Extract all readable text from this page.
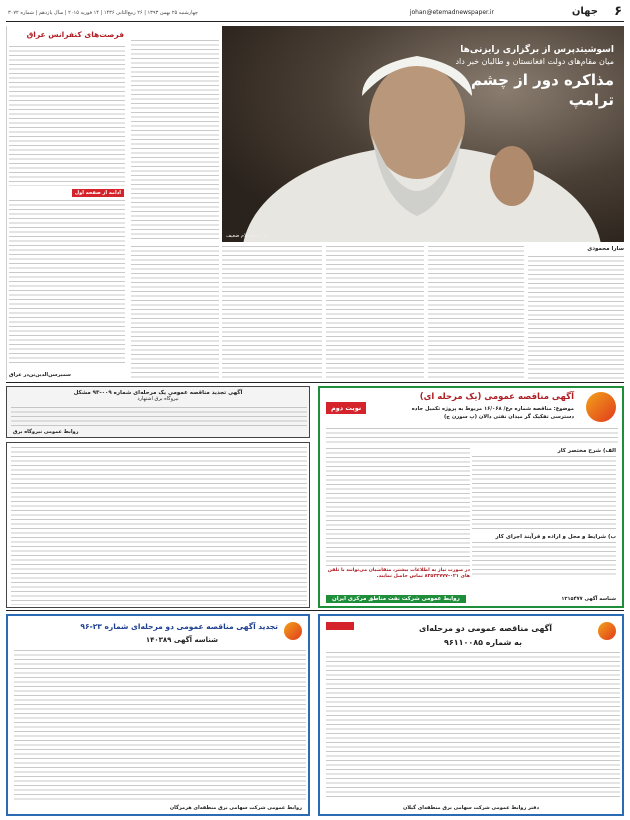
۶
جهان
johan@etemadnewspaper.ir
چهارشنبه ۲۵ بهمن ۱۳۹۳ | ۲۶ ربیع‌الثانی ۱۴۳۶ | ۱۴ فوریه ۲۰۱۵ | سال یازدهم | شماره ۳۰۷۲
اسوشیتدپرس از برگزاری رایزنی‌ها
میان مقام‌های دولت افغانستان و طالبان خبر داد
مذاکره دور از چشم ترامپ
ملا عبدالسلام ضعیف
سارا محمودی
فرصت‌های کنفرانس عراق
ادامه از صفحه اول
سمیرسن‌الدین‌بن‌در عراق
آگهی تجدید مناقصه عمومی یک مرحله‌ای شماره ۰۰۹-۹۳ مشکل
نیروگاه برق اشتهارد
روابط عمومی نیروگاه برق
آگهی مناقصه عمومی (یک مرحله ای)
موضوع: مناقصه شماره م‌ع/ ۱۶/۰۶۸ مربوط به پروژه تکمیل جاده
دسترسی تفکیک گر میدان نفتی دالان (پ سورن ج)
نوبت دوم
الف) شرح مختصر کار
ب) شرایط و محل و اراده و فرآیند اجرای کار
در صورت نیاز به اطلاعات بیشتر، متقاضیان می‌توانند با تلفن های ۰۲۱-۸۳۵۲۳۷۷۷ تماس حاصل نمایند.
شناسه آگهی ۱۳۱۵۴۷۷
روابط عمومی شرکت نفت مناطق مرکزی ایران
تجدید آگهی مناقصه عمومی دو مرحله‌ای شماره ۲۳-۹۶
شناسه آگهی ۱۴۰۳۸۹
روابط عمومی شرکت سهامی برق منطقه‌ای هرمزگان
آگهی مناقصه عمومی دو مرحله‌ای
به شماره ۹۶۱۱۰۰۸۵
دفتر روابط عمومی شرکت سهامی برق منطقه‌ای گیلان
